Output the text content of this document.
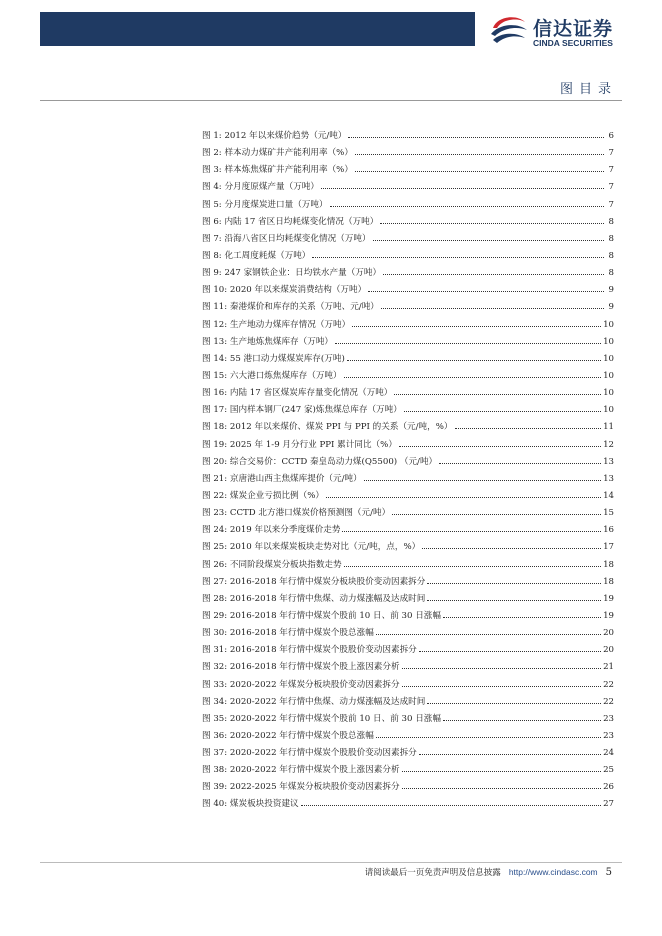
信达证券
CINDA SECURITIES
图目录
图 1:
2012 年以来煤价趋势（元/吨）	6
图 2:
样本动力煤矿井产能利用率（%）	7
图 3:
样本炼焦煤矿井产能利用率（%）	7
图 4:
分月度原煤产量（万吨）	7
图 5:
分月度煤炭进口量（万吨）	7
图 6:
内陆 17 省区日均耗煤变化情况（万吨）	8
图 7:
沿海八省区日均耗煤变化情况（万吨）	8
图 8:
化工周度耗煤（万吨）	8
图 9:
247 家钢铁企业：日均铁水产量（万吨）	8
图 10:
2020 年以来煤炭消费结构（万吨）	9
图 11:
秦港煤价和库存的关系（万吨、元/吨）	9
图 12:
生产地动力煤库存情况（万吨）	10
图 13:
生产地炼焦煤库存（万吨）	10
图 14:
55 港口动力煤煤炭库存(万吨)	10
图 15:
六大港口炼焦煤库存（万吨）	10
图 16:
内陆 17 省区煤炭库存量变化情况（万吨）	10
图 17:
国内样本钢厂(247 家)炼焦煤总库存（万吨）	10
图 18:
2012 年以来煤价、煤炭 PPI 与 PPI 的关系（元/吨，%）	11
图 19:
2025 年 1-9 月分行业 PPI 累计同比（%）	12
图 20:
综合交易价：CCTD 秦皇岛动力煤(Q5500) （元/吨）	13
图 21:
京唐港山西主焦煤库提价（元/吨）	13
图 22:
煤炭企业亏损比例（%）	14
图 23:
CCTD 北方港口煤炭价格预测图（元/吨）	15
图 24:
2019 年以来分季度煤价走势	16
图 25:
2010 年以来煤炭板块走势对比（元/吨，点，%）	17
图 26:
不同阶段煤炭分板块指数走势	18
图 27:
2016-2018 年行情中煤炭分板块股价变动因素拆分	18
图 28:
2016-2018 年行情中焦煤、动力煤涨幅及达成时间	19
图 29:
2016-2018 年行情中煤炭个股前 10 日、前 30 日涨幅	19
图 30:
2016-2018 年行情中煤炭个股总涨幅	20
图 31:
2016-2018 年行情中煤炭个股股价变动因素拆分	20
图 32:
2016-2018 年行情中煤炭个股上涨因素分析	21
图 33:
2020-2022 年煤炭分板块股价变动因素拆分	22
图 34:
2020-2022 年行情中焦煤、动力煤涨幅及达成时间	22
图 35:
2020-2022 年行情中煤炭个股前 10 日、前 30 日涨幅	23
图 36:
2020-2022 年行情中煤炭个股总涨幅	23
图 37:
2020-2022 年行情中煤炭个股股价变动因素拆分	24
图 38:
2020-2022 年行情中煤炭个股上涨因素分析	25
图 39:
2022-2025 年煤炭分板块股价变动因素拆分	26
图 40:
煤炭板块投资建议	27
请阅读最后一页免责声明及信息披露 http://www.cindasc.com 5
